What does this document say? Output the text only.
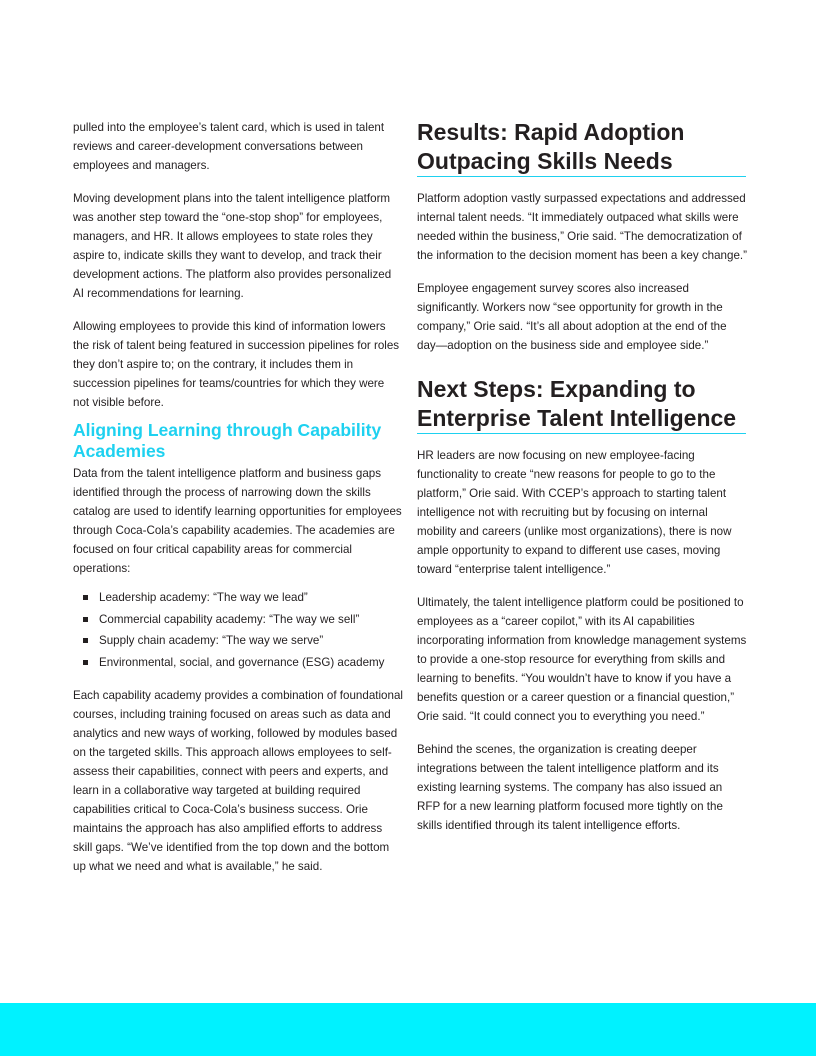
pulled into the employee’s talent card, which is used in talent reviews and career-development conversations between employees and managers.

Moving development plans into the talent intelligence platform was another step toward the “one-stop shop” for employees, managers, and HR. It allows employees to state roles they aspire to, indicate skills they want to develop, and track their development actions. The platform also provides personalized AI recommendations for learning.

Allowing employees to provide this kind of information lowers the risk of talent being featured in succession pipelines for roles they don’t aspire to; on the contrary, it includes them in succession pipelines for teams/countries for which they were not visible before.

Aligning Learning through Capability Academies

Data from the talent intelligence platform and business gaps identified through the process of narrowing down the skills catalog are used to identify learning opportunities for employees through Coca-Cola’s capability academies. The academies are focused on four critical capability areas for commercial operations:

Leadership academy: “The way we lead”
Commercial capability academy: “The way we sell”
Supply chain academy: “The way we serve”
Environmental, social, and governance (ESG) academy

Each capability academy provides a combination of foundational courses, including training focused on areas such as data and analytics and new ways of working, followed by modules based on the targeted skills. This approach allows employees to self-assess their capabilities, connect with peers and experts, and learn in a collaborative way targeted at building required capabilities critical to Coca-Cola’s business success. Orie maintains the approach has also amplified efforts to address skill gaps. “We’ve identified from the top down and the bottom up what we need and what is available,” he said.

Results: Rapid Adoption Outpacing Skills Needs

Platform adoption vastly surpassed expectations and addressed internal talent needs. “It immediately outpaced what skills were needed within the business,” Orie said. “The democratization of the information to the decision moment has been a key change.”

Employee engagement survey scores also increased significantly. Workers now “see opportunity for growth in the company,” Orie said. “It’s all about adoption at the end of the day—adoption on the business side and employee side.”

Next Steps: Expanding to Enterprise Talent Intelligence

HR leaders are now focusing on new employee-facing functionality to create “new reasons for people to go to the platform,” Orie said. With CCEP’s approach to starting talent intelligence not with recruiting but by focusing on internal mobility and careers (unlike most organizations), there is now ample opportunity to expand to different use cases, moving toward “enterprise talent intelligence.”

Ultimately, the talent intelligence platform could be positioned to employees as a “career copilot,” with its AI capabilities incorporating information from knowledge management systems to provide a one-stop resource for everything from skills and learning to benefits. “You wouldn’t have to know if you have a benefits question or a career question or a financial question,” Orie said. “It could connect you to everything you need.”

Behind the scenes, the organization is creating deeper integrations between the talent intelligence platform and its existing learning systems. The company has also issued an RFP for a new learning platform focused more tightly on the skills identified through its talent intelligence efforts.
